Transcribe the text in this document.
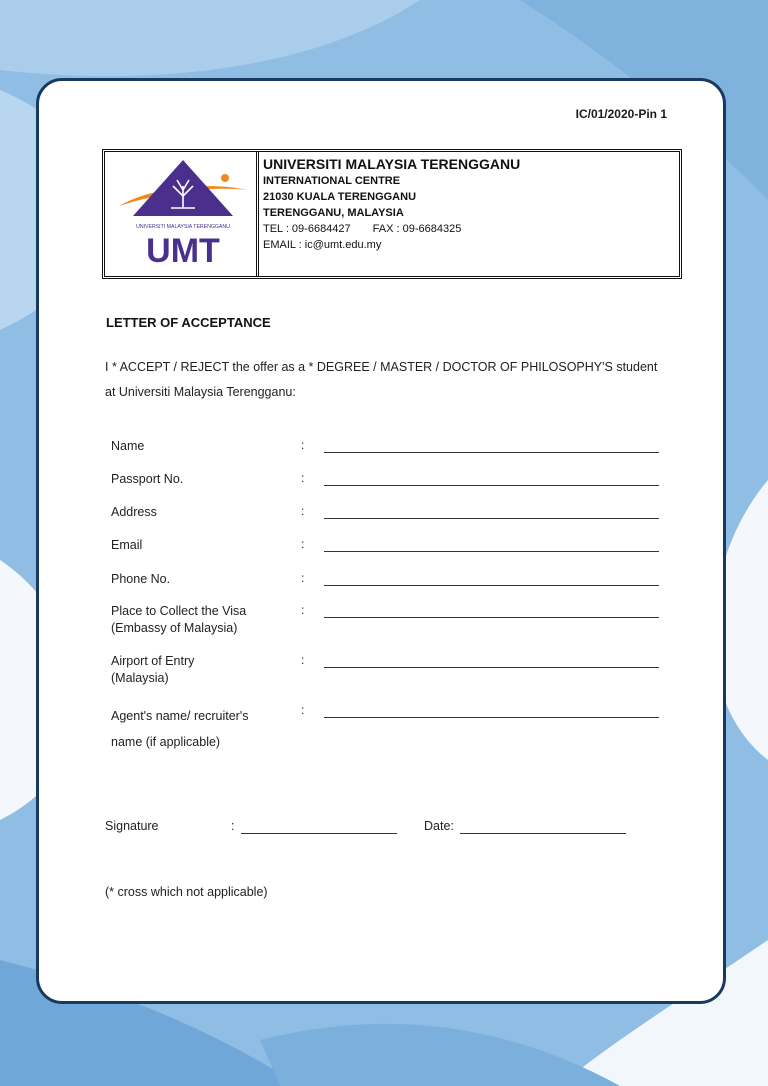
IC/01/2020-Pin 1
UNIVERSITI MALAYSIA TERENGGANU
UMT
UNIVERSITI MALAYSIA TERENGGANU
INTERNATIONAL CENTRE
21030 KUALA TERENGGANU
TERENGGANU, MALAYSIA
TEL : 09-6684427 FAX : 09-6684325
EMAIL : ic@umt.edu.my
LETTER OF ACCEPTANCE
I * ACCEPT / REJECT the offer as a * DEGREE / MASTER / DOCTOR OF PHILOSOPHY'S student at Universiti Malaysia Terengganu:
Name	:
Passport No.	:
Address	:
Email	:
Phone No.	:
Place to Collect the Visa
(Embassy of Malaysia)
:
Airport of Entry
(Malaysia)
:
Agent's name/ recruiter's
name (if applicable)
:
Signature	:	Date:
(* cross which not applicable)
